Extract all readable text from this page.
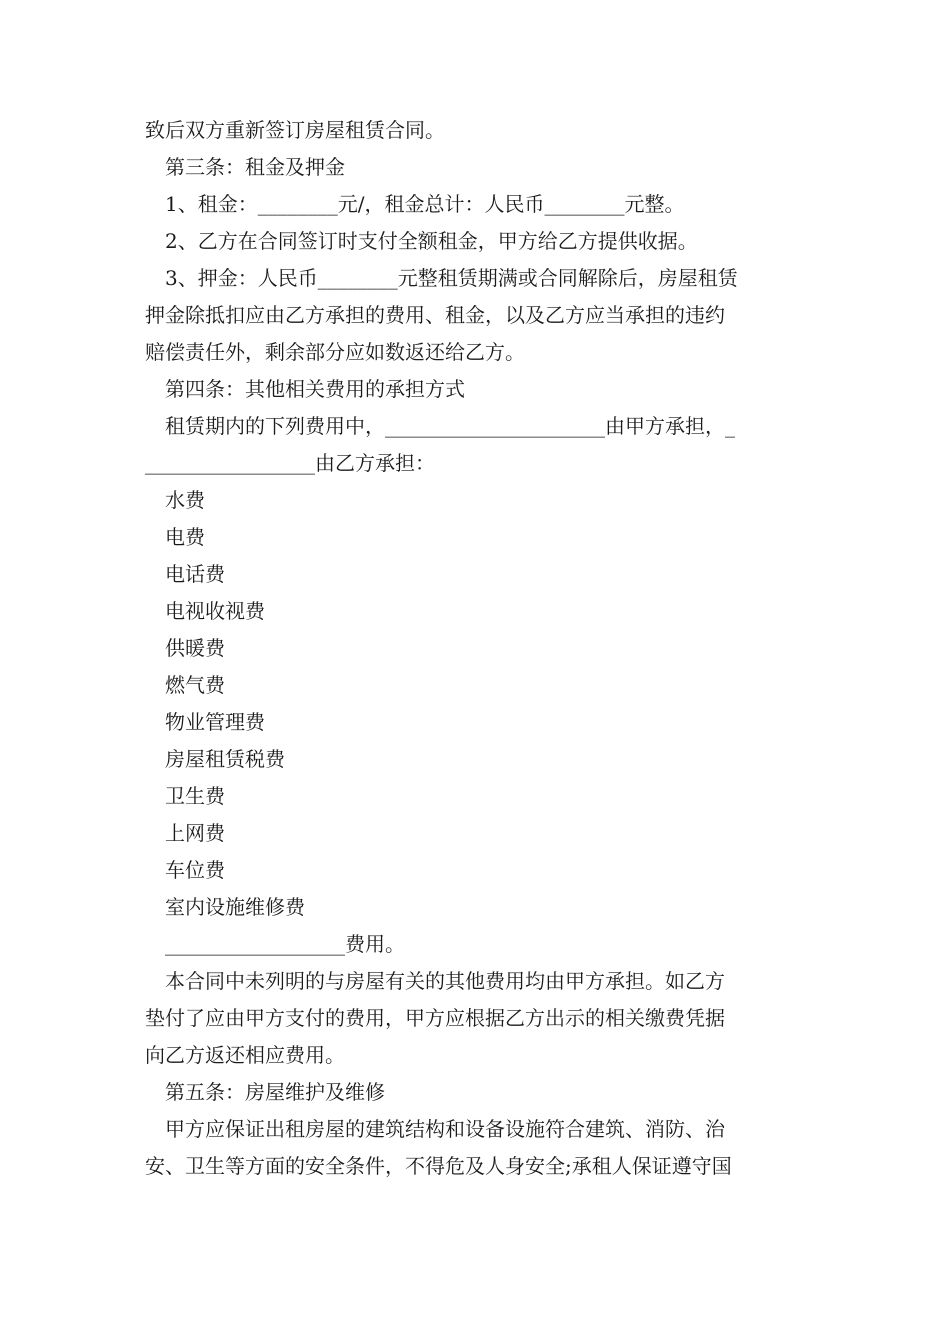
致后双方重新签订房屋租赁合同。
第三条：租金及押金
1、租金：________元/，租金总计：人民币________元整。
2、乙方在合同签订时支付全额租金，甲方给乙方提供收据。
3、押金：人民币________元整租赁期满或合同解除后，房屋租赁
押金除抵扣应由乙方承担的费用、租金，以及乙方应当承担的违约
赔偿责任外，剩余部分应如数返还给乙方。
第四条：其他相关费用的承担方式
租赁期内的下列费用中，______________________由甲方承担，_
_________________由乙方承担：
水费
电费
电话费
电视收视费
供暖费
燃气费
物业管理费
房屋租赁税费
卫生费
上网费
车位费
室内设施维修费
__________________费用。
本合同中未列明的与房屋有关的其他费用均由甲方承担。如乙方
垫付了应由甲方支付的费用，甲方应根据乙方出示的相关缴费凭据
向乙方返还相应费用。
第五条：房屋维护及维修
甲方应保证出租房屋的建筑结构和设备设施符合建筑、消防、治
安、卫生等方面的安全条件，不得危及人身安全;承租人保证遵守国
